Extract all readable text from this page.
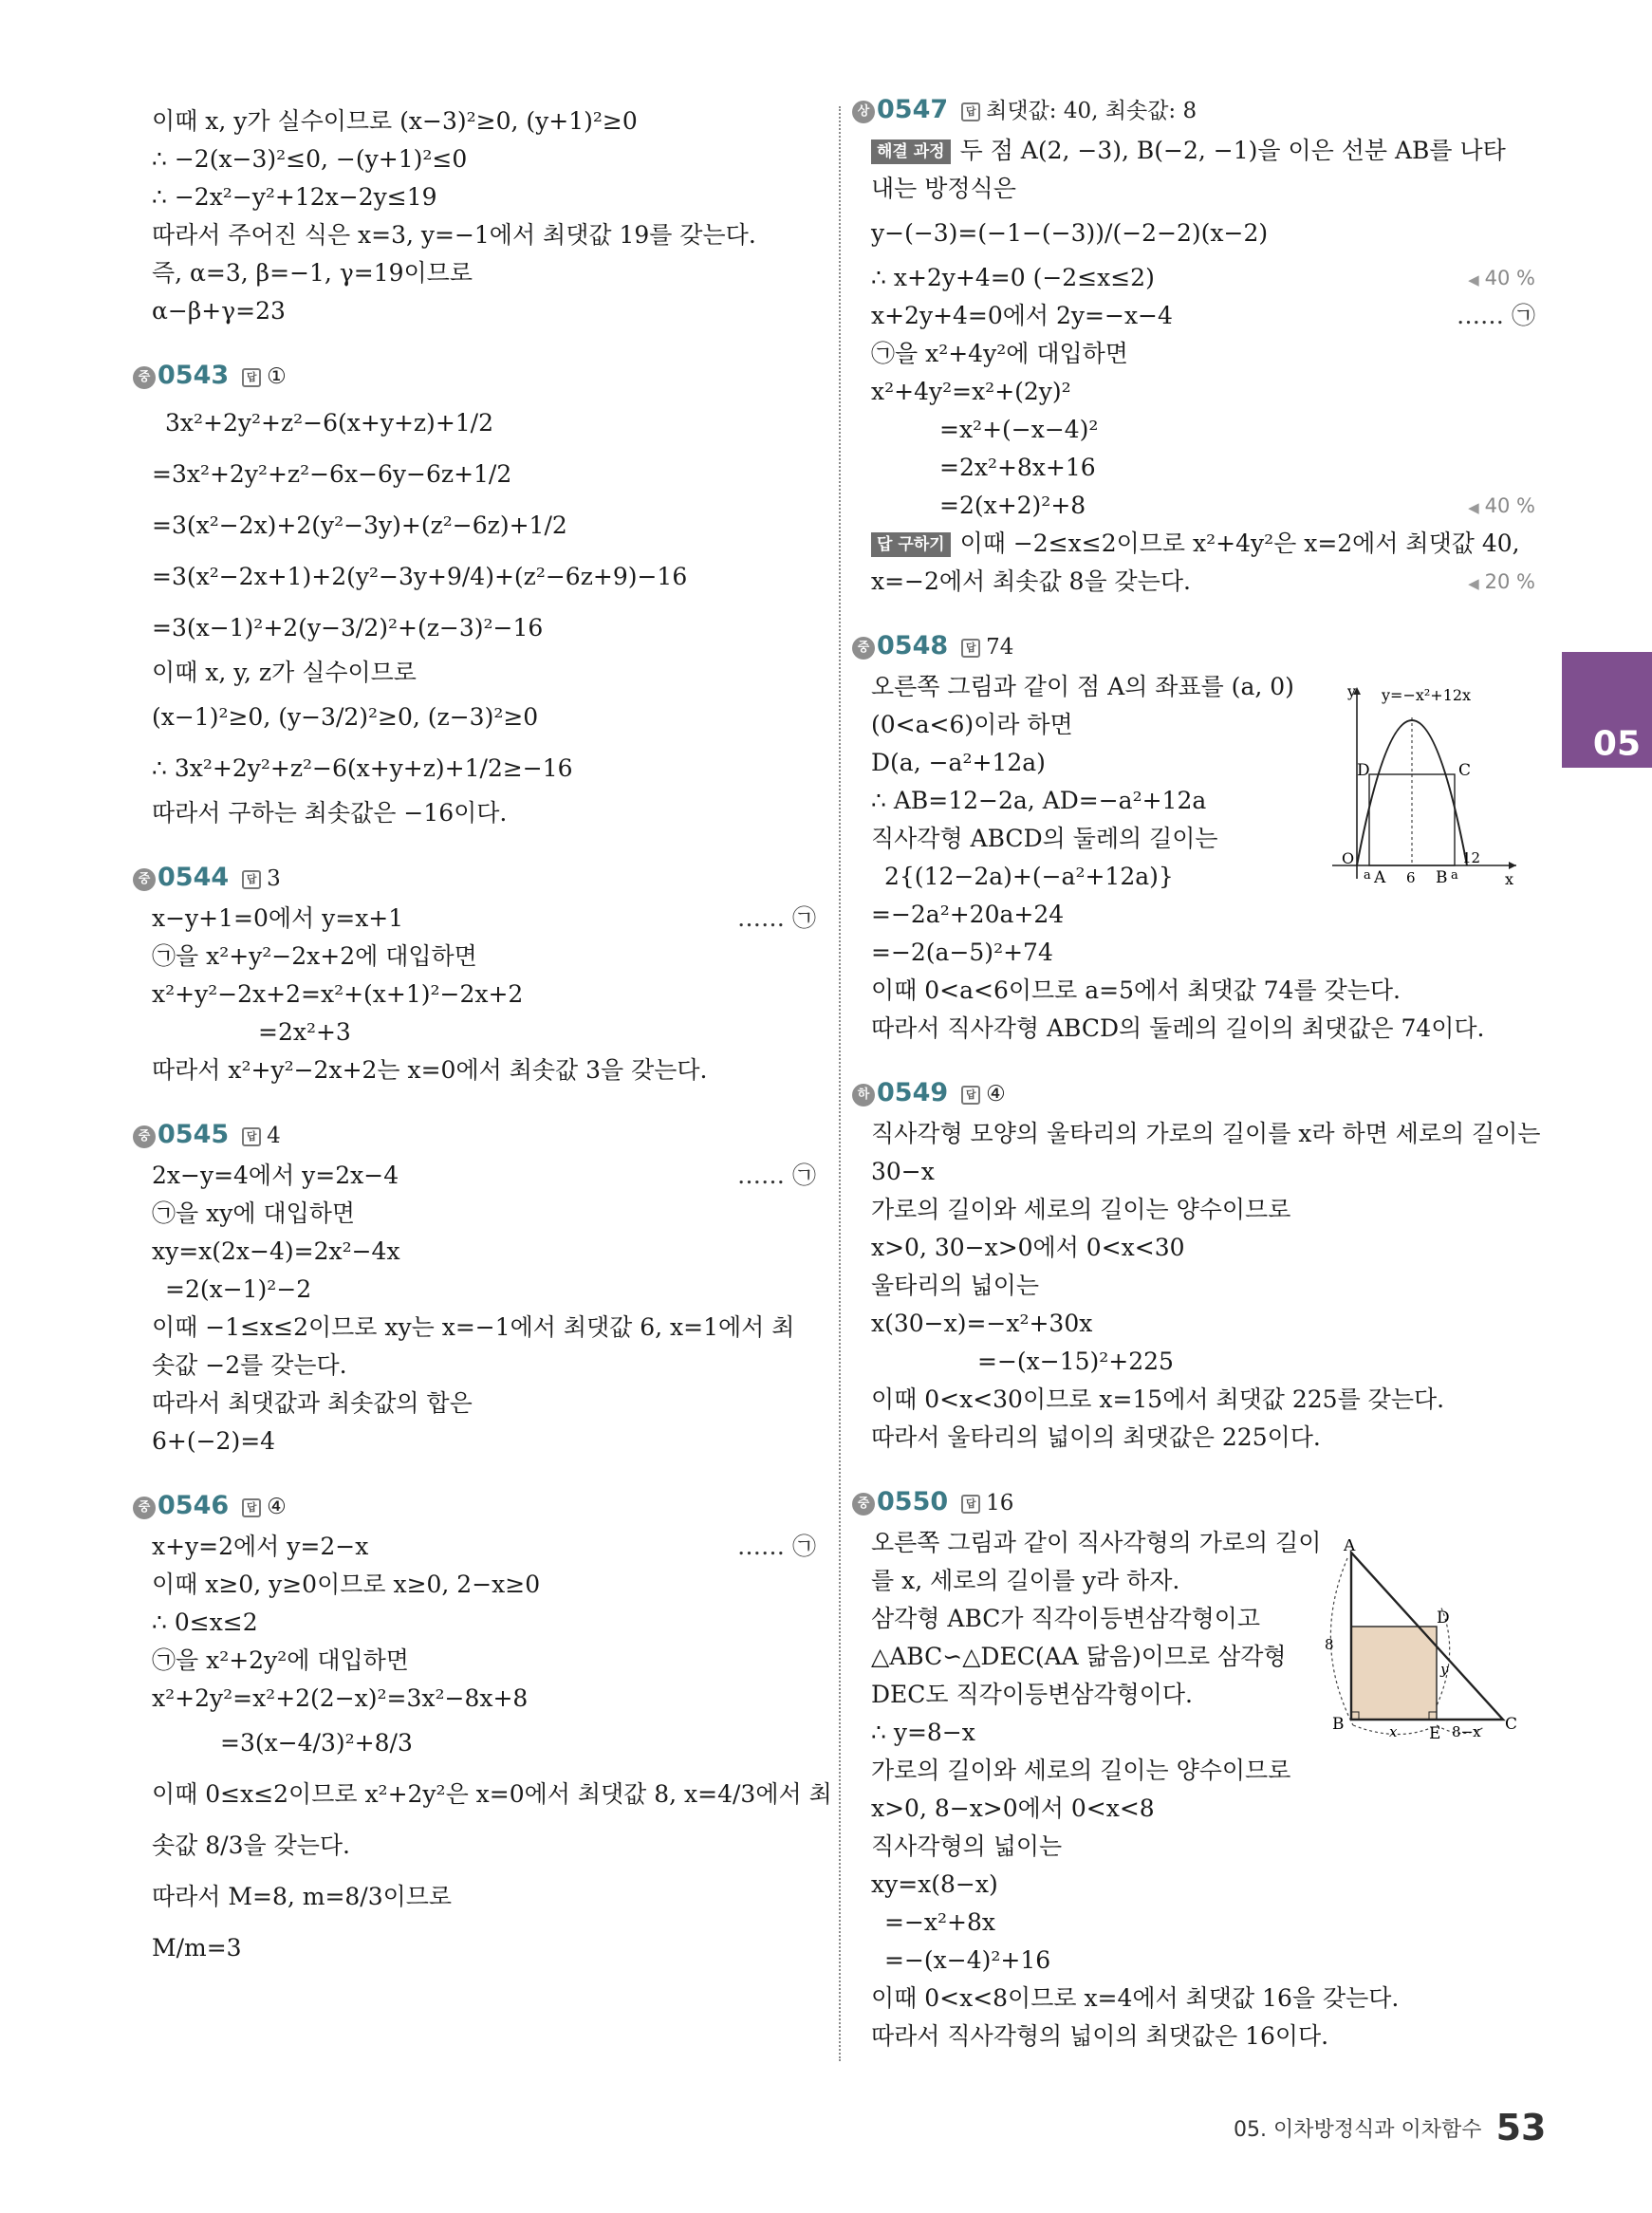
이때 x, y가 실수이므로 (x−3)²≥0, (y+1)²≥0
∴ −2(x−3)²≤0, −(y+1)²≤0
∴ −2x²−y²+12x−2y≤19
따라서 주어진 식은 x=3, y=−1에서 최댓값 19를 갖는다.
즉, α=3, β=−1, γ=19이므로
α−β+γ=23
중 0543 답 ①
3x²+2y²+z²−6(x+y+z)+1/2
=3x²+2y²+z²−6x−6y−6z+1/2
=3(x²−2x)+2(y²−3y)+(z²−6z)+1/2
=3(x²−2x+1)+2(y²−3y+9/4)+(z²−6z+9)−16
=3(x−1)²+2(y−3/2)²+(z−3)²−16
이때 x, y, z가 실수이므로
(x−1)²≥0, (y−3/2)²≥0, (z−3)²≥0
∴ 3x²+2y²+z²−6(x+y+z)+1/2≥−16
따라서 구하는 최솟값은 −16이다.
중 0544 답 3
x−y+1=0에서 y=x+1	…… ㉠
㉠을 x²+y²−2x+2에 대입하면
x²+y²−2x+2=x²+(x+1)²−2x+2
=2x²+3
따라서 x²+y²−2x+2는 x=0에서 최솟값 3을 갖는다.
중 0545 답 4
2x−y=4에서 y=2x−4	…… ㉠
㉠을 xy에 대입하면
xy=x(2x−4)=2x²−4x
=2(x−1)²−2
이때 −1≤x≤2이므로 xy는 x=−1에서 최댓값 6, x=1에서 최
솟값 −2를 갖는다.
따라서 최댓값과 최솟값의 합은
6+(−2)=4
중 0546 답 ④
x+y=2에서 y=2−x	…… ㉠
이때 x≥0, y≥0이므로 x≥0, 2−x≥0
∴ 0≤x≤2
㉠을 x²+2y²에 대입하면
x²+2y²=x²+2(2−x)²=3x²−8x+8
=3(x−4/3)²+8/3
이때 0≤x≤2이므로 x²+2y²은 x=0에서 최댓값 8, x=4/3에서 최
솟값 8/3을 갖는다.
따라서 M=8, m=8/3이므로
M/m=3
상 0547 답 최댓값: 40, 최솟값: 8
해결 과정 두 점 A(2, −3), B(−2, −1)을 이은 선분 AB를 나타
내는 방정식은
y−(−3)=(−1−(−3))/(−2−2)(x−2)
∴ x+2y+4=0 (−2≤x≤2)	◀ 40 %
x+2y+4=0에서 2y=−x−4	…… ㉠
㉠을 x²+4y²에 대입하면
x²+4y²=x²+(2y)²
=x²+(−x−4)²
=2x²+8x+16
=2(x+2)²+8	◀ 40 %
답 구하기 이때 −2≤x≤2이므로 x²+4y²은 x=2에서 최댓값 40,
x=−2에서 최솟값 8을 갖는다.	◀ 20 %
중 0548 답 74
오른쪽 그림과 같이 점 A의 좌표를 (a, 0)
(0<a<6)이라 하면
D(a, −a²+12a)
∴ AB=12−2a, AD=−a²+12a
직사각형 ABCD의 둘레의 길이는
2{(12−2a)+(−a²+12a)}
=−2a²+20a+24
=−2(a−5)²+74
이때 0<a<6이므로 a=5에서 최댓값 74를 갖는다.
따라서 직사각형 ABCD의 둘레의 길이의 최댓값은 74이다.
하 0549 답 ④
직사각형 모양의 울타리의 가로의 길이를 x라 하면 세로의 길이는
30−x
가로의 길이와 세로의 길이는 양수이므로
x>0, 30−x>0에서 0<x<30
울타리의 넓이는
x(30−x)=−x²+30x
=−(x−15)²+225
이때 0<x<30이므로 x=15에서 최댓값 225를 갖는다.
따라서 울타리의 넓이의 최댓값은 225이다.
중 0550 답 16
오른쪽 그림과 같이 직사각형의 가로의 길이
를 x, 세로의 길이를 y라 하자.
삼각형 ABC가 직각이등변삼각형이고
△ABC∽△DEC(AA 닮음)이므로 삼각형
DEC도 직각이등변삼각형이다.
∴ y=8−x
가로의 길이와 세로의 길이는 양수이므로
x>0, 8−x>0에서 0<x<8
직사각형의 넓이는
xy=x(8−x)
=−x²+8x
=−(x−4)²+16
이때 0<x<8이므로 x=4에서 최댓값 16을 갖는다.
따라서 직사각형의 넓이의 최댓값은 16이다.
05
y y=−x²+12x
D	C
O
a A 6 B a
12
x
A
D
8
y
B	x E 8−x C
05. 이차방정식과 이차함수 53
